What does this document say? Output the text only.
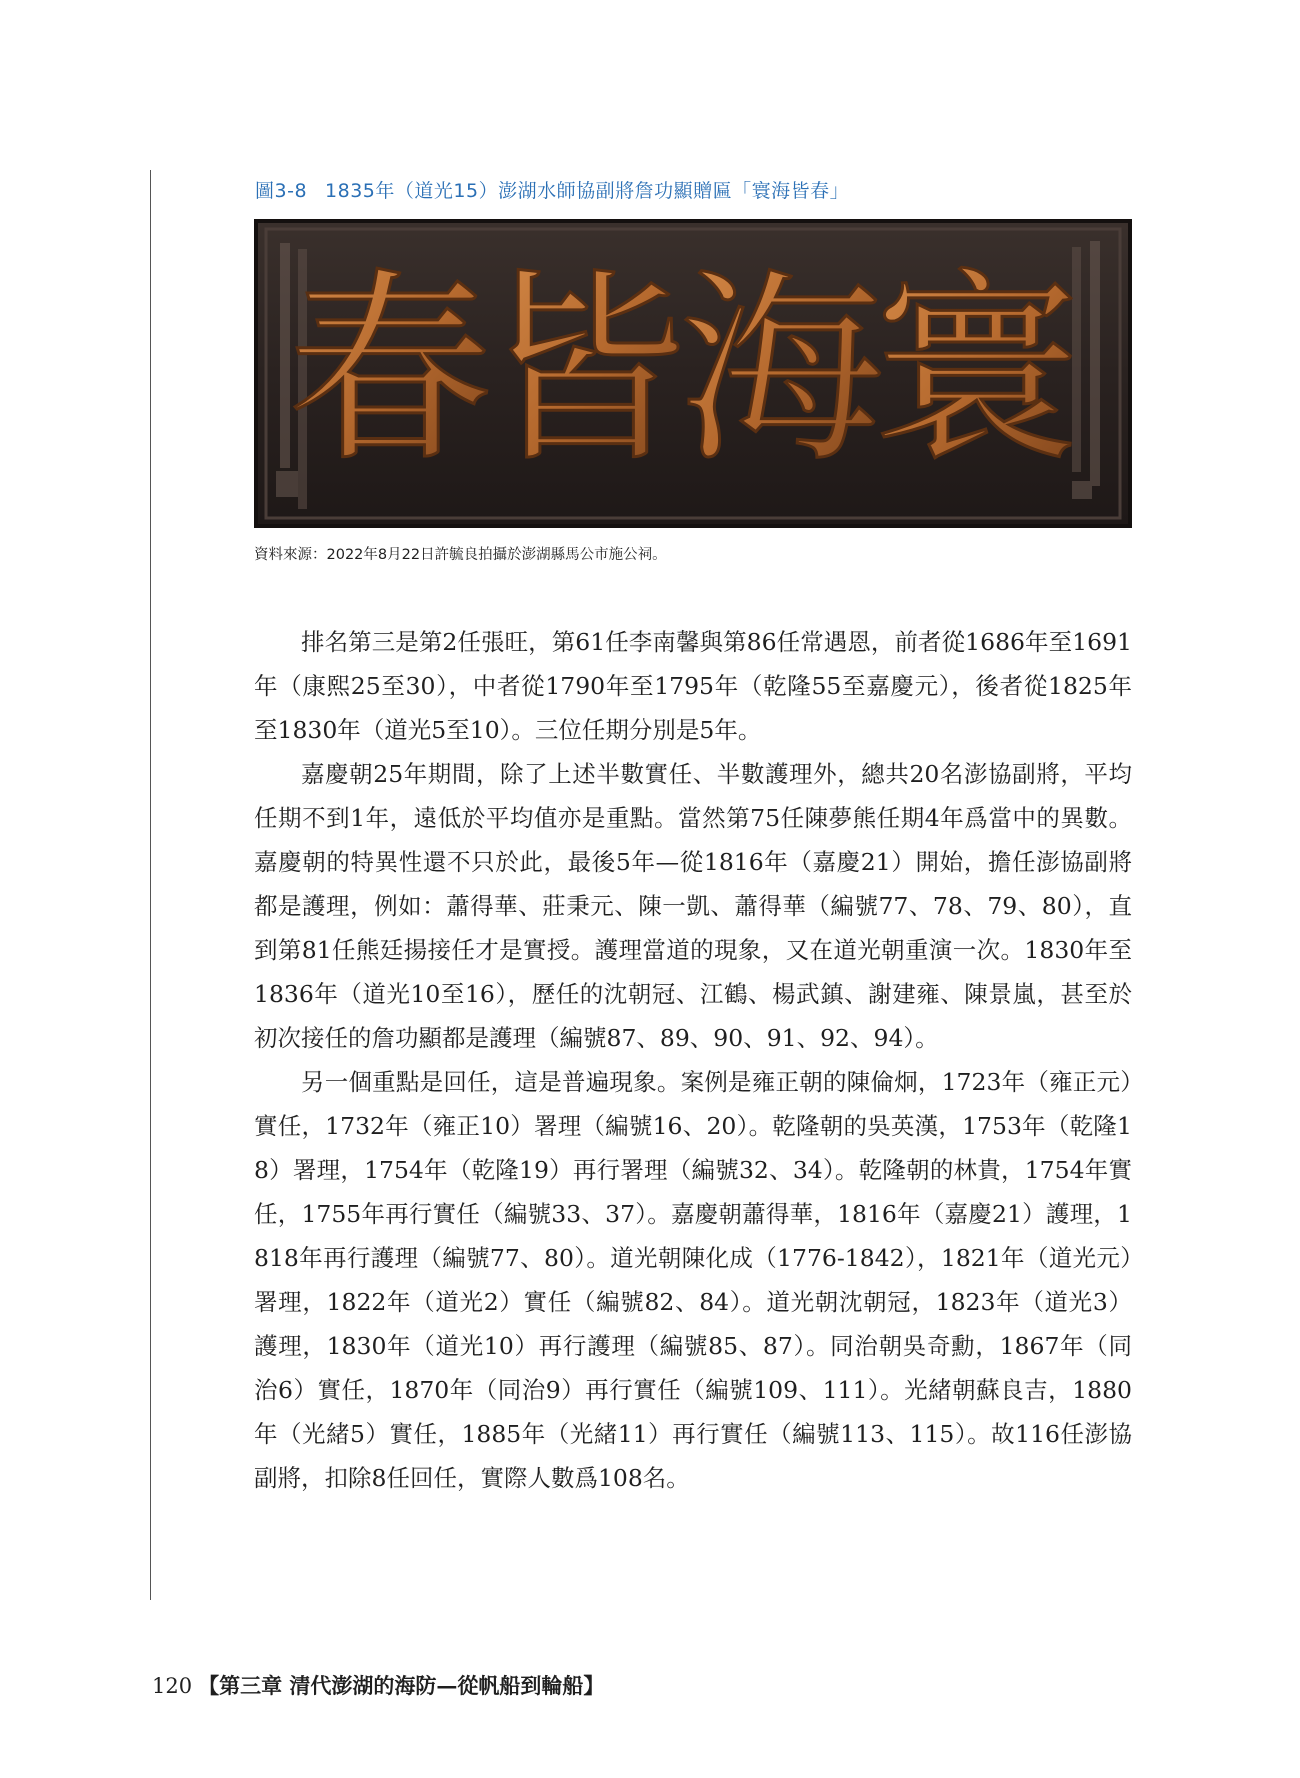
圖3-8 1835年（道光15）澎湖水師協副將詹功顯贈匾「寰海皆春」
春
皆
海
寰
資料來源：2022年8月22日許毓良拍攝於澎湖縣馬公市施公祠。

排名第三是第2任張旺，第61任李南馨與第86任常遇恩，前者從1686年至1691年（康熙25至30），中者從1790年至1795年（乾隆55至嘉慶元），後者從1825年至1830年（道光5至10）。三位任期分別是5年。

嘉慶朝25年期間，除了上述半數實任、半數護理外，總共20名澎協副將，平均任期不到1年，遠低於平均值亦是重點。當然第75任陳夢熊任期4年爲當中的異數。嘉慶朝的特異性還不只於此，最後5年—從1816年（嘉慶21）開始，擔任澎協副將都是護理，例如：蕭得華、莊秉元、陳一凱、蕭得華（編號77、78、79、80），直到第81任熊廷揚接任才是實授。護理當道的現象，又在道光朝重演一次。1830年至1836年（道光10至16），歷任的沈朝冠、江鶴、楊武鎮、謝建雍、陳景嵐，甚至於初次接任的詹功顯都是護理（編號87、89、90、91、92、94）。

另一個重點是回任，這是普遍現象。案例是雍正朝的陳倫炯，1723年（雍正元）實任，1732年（雍正10）署理（編號16、20）。乾隆朝的吳英漢，1753年（乾隆18）署理，1754年（乾隆19）再行署理（編號32、34）。乾隆朝的林貴，1754年實任，1755年再行實任（編號33、37）。嘉慶朝蕭得華，1816年（嘉慶21）護理，1818年再行護理（編號77、80）。道光朝陳化成（1776-1842），1821年（道光元）署理，1822年（道光2）實任（編號82、84）。道光朝沈朝冠，1823年（道光3）護理，1830年（道光10）再行護理（編號85、87）。同治朝吳奇勳，1867年（同治6）實任，1870年（同治9）再行實任（編號109、111）。光緒朝蘇良吉，1880年（光緒5）實任，1885年（光緒11）再行實任（編號113、115）。故116任澎協副將，扣除8任回任，實際人數爲108名。

120 【第三章 清代澎湖的海防—從帆船到輪船】
